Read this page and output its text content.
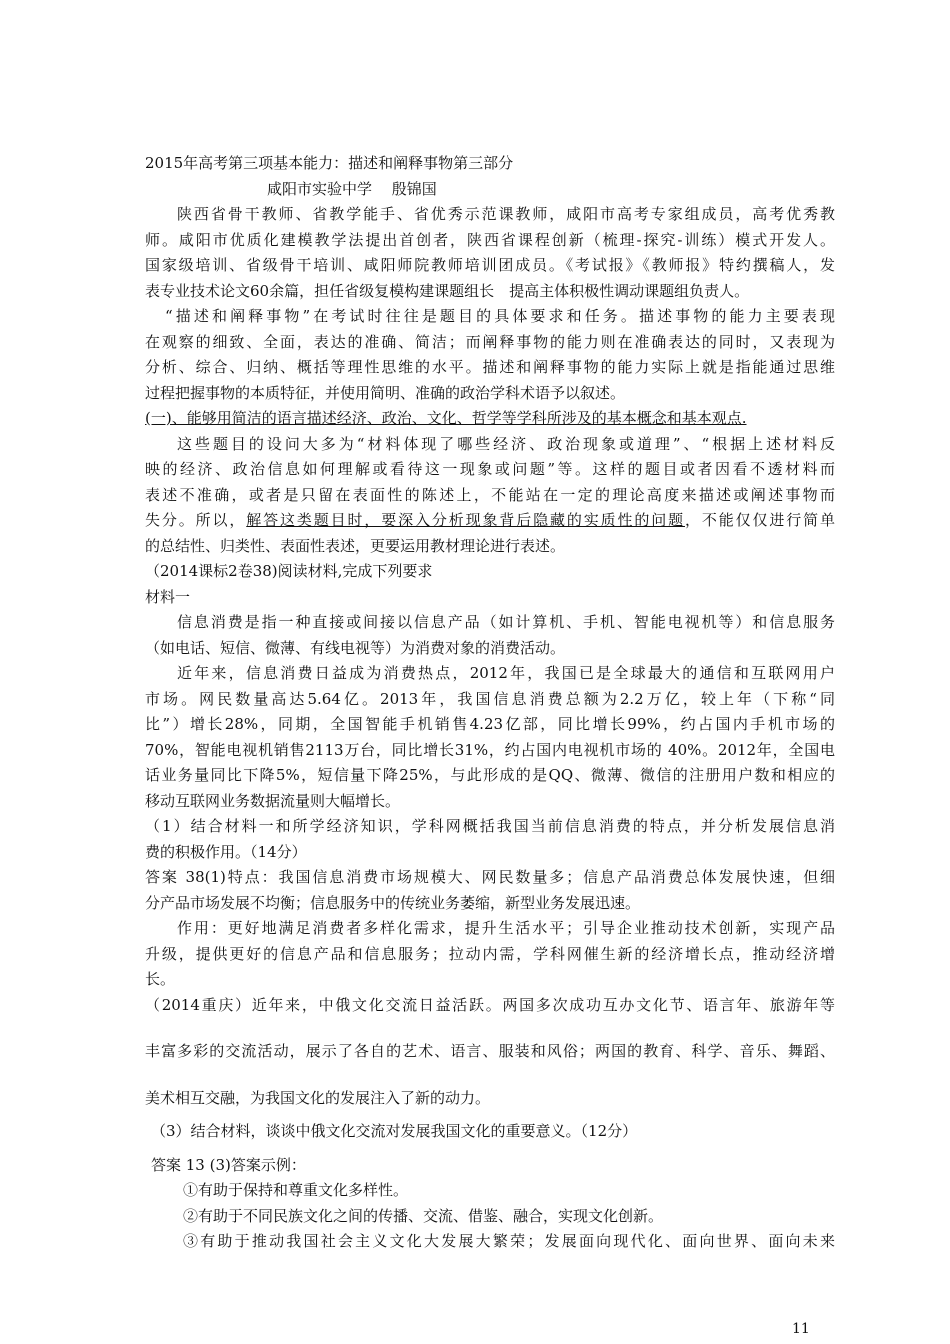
2015年高考第三项基本能力：描述和阐释事物第三部分
咸阳市实验中学　 殷锦国
陕西省骨干教师、省教学能手、省优秀示范课教师，咸阳市高考专家组成员，高考优秀教
师。咸阳市优质化建模教学法提出首创者，陕西省课程创新（梳理-探究-训练）模式开发人。
国家级培训、省级骨干培训、咸阳师院教师培训团成员。《考试报》《教师报》特约撰稿人，发
表专业技术论文60余篇，担任省级复模构建课题组长　提高主体积极性调动课题组负责人。
“描述和阐释事物”在考试时往往是题目的具体要求和任务。描述事物的能力主要表现
在观察的细致、全面，表达的准确、简洁；而阐释事物的能力则在准确表达的同时，又表现为
分析、综合、归纳、概括等理性思维的水平。描述和阐释事物的能力实际上就是指能通过思维
过程把握事物的本质特征，并使用简明、准确的政治学科术语予以叙述。
(一)、能够用简洁的语言描述经济、政治、文化、哲学等学科所涉及的基本概念和基本观点.
这些题目的设问大多为“材料体现了哪些经济、政治现象或道理”、“根据上述材料反
映的经济、政治信息如何理解或看待这一现象或问题”等。这样的题目或者因看不透材料而
表述不准确，或者是只留在表面性的陈述上，不能站在一定的理论高度来描述或阐述事物而
失分。所以，解答这类题目时，要深入分析现象背后隐藏的实质性的问题，不能仅仅进行简单
的总结性、归类性、表面性表述，更要运用教材理论进行表述。
（2014课标2卷38)阅读材料,完成下列要求
材料一
信息消费是指一种直接或间接以信息产品（如计算机、手机、智能电视机等）和信息服务
（如电话、短信、微薄、有线电视等）为消费对象的消费活动。
近年来，信息消费日益成为消费热点，2012年，我国已是全球最大的通信和互联网用户
市场。网民数量高达5.64亿。2013年，我国信息消费总额为2.2万亿，较上年（下称“同
比”）增长28%，同期，全国智能手机销售4.23亿部，同比增长99%，约占国内手机市场的
70%，智能电视机销售2113万台，同比增长31%，约占国内电视机市场的 40%。2012年，全国电
话业务量同比下降5%，短信量下降25%，与此形成的是QQ、微薄、微信的注册用户数和相应的
移动互联网业务数据流量则大幅增长。
（1）结合材料一和所学经济知识，学科网概括我国当前信息消费的特点，并分析发展信息消
费的积极作用。（14分）
答案 38(1)特点：我国信息消费市场规模大、网民数量多；信息产品消费总体发展快速，但细
分产品市场发展不均衡；信息服务中的传统业务萎缩，新型业务发展迅速。
作用：更好地满足消费者多样化需求，提升生活水平；引导企业推动技术创新，实现产品
升级，提供更好的信息产品和信息服务；拉动内需，学科网催生新的经济增长点，推动经济增
长。
（2014重庆）近年来，中俄文化交流日益活跃。两国多次成功互办文化节、语言年、旅游年等
丰富多彩的交流活动，展示了各自的艺术、语言、服装和风俗；两国的教育、科学、音乐、舞蹈、
美术相互交融，为我国文化的发展注入了新的动力。
（3）结合材料，谈谈中俄文化交流对发展我国文化的重要意义。（12分）
答案 13 (3)答案示例：
①有助于保持和尊重文化多样性。
②有助于不同民族文化之间的传播、交流、借鉴、融合，实现文化创新。
③有助于推动我国社会主义文化大发展大繁荣；发展面向现代化、面向世界、面向未来
11
